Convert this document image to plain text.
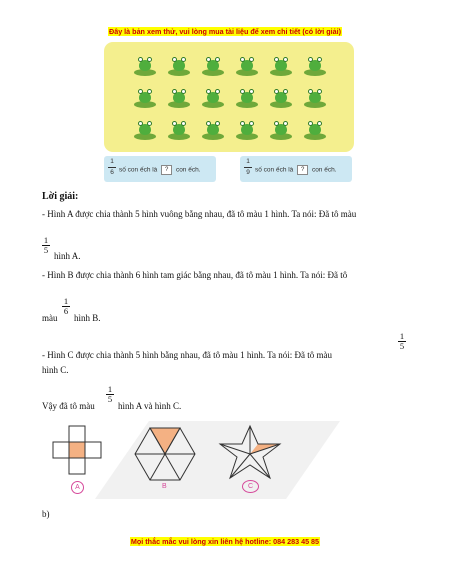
Đây là bản xem thử, vui lòng mua tài liệu để xem chi tiết (có lời giải)
1
6 số con ếch là ? con ếch.
1
9 số con ếch là ? con ếch.
Lời giải:
- Hình A được chia thành 5 hình vuông bằng nhau, đã tô màu 1 hình. Ta nói: Đã tô màu
1
5
hình A.
- Hình B được chia thành 6 hình tam giác bằng nhau, đã tô màu 1 hình. Ta nói: Đã tô
màu
1
6
hình B.
- Hình C được chia thành 5 hình bằng nhau, đã tô màu 1 hình. Ta nói: Đã tô màu
1
5
hình C.
Vậy đã tô màu
1
5
hình A và hình C.
A	B	C
b)
Mọi thắc mắc vui lòng xin liên hệ hotline: 084 283 45 85
